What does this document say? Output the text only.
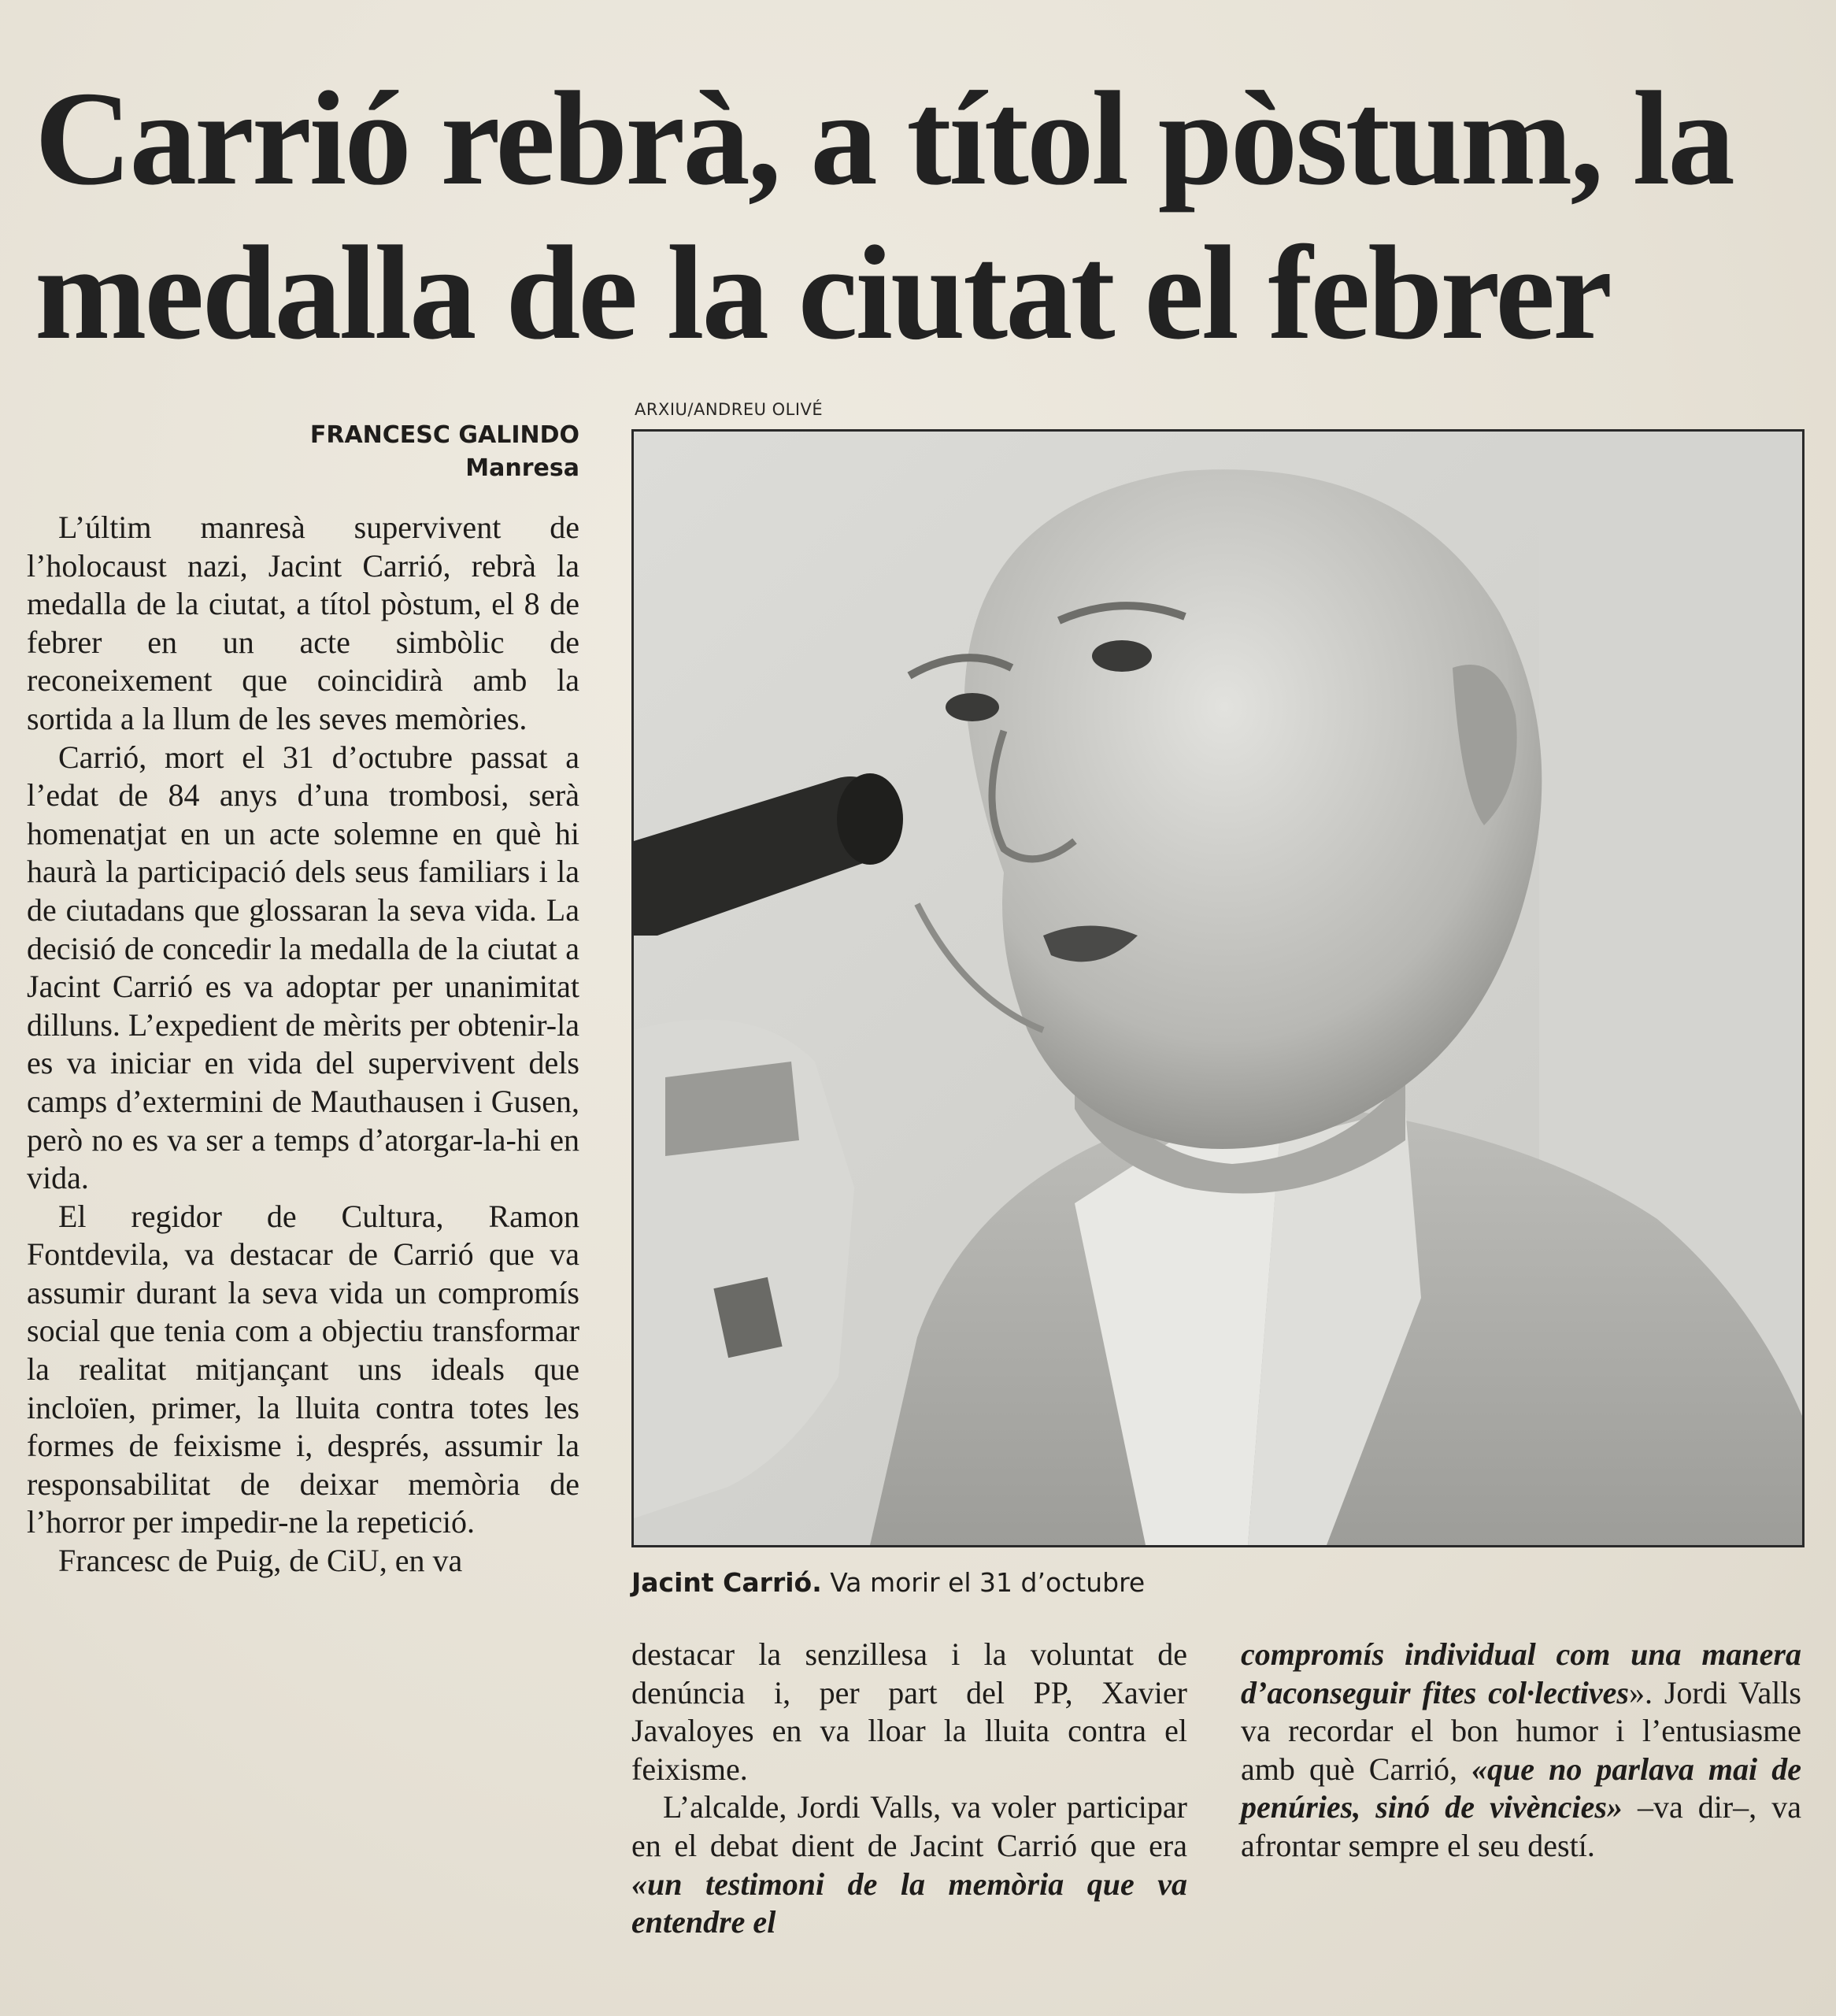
Carrió rebrà, a títol pòstum, la

medalla de la ciutat el febrer
FRANCESC GALINDO
Manresa
ARXIU/ANDREU OLIVÉ
Jacint Carrió. Va morir el 31 d’octubre

L’últim manresà supervivent de l’holocaust nazi, Jacint Carrió, rebrà la medalla de la ciutat, a títol pòstum, el 8 de febrer en un acte simbòlic de reconeixement que coincidirà amb la sortida a la llum de les seves memòries.

Carrió, mort el 31 d’octubre passat a l’edat de 84 anys d’una trombosi, serà homenatjat en un acte solemne en què hi haurà la participació dels seus familiars i la de ciutadans que glossaran la seva vida. La decisió de concedir la medalla de la ciutat a Jacint Carrió es va adoptar per unanimitat dilluns. L’expedient de mèrits per obtenir-la es va iniciar en vida del supervivent dels camps d’extermini de Mauthausen i Gusen, però no es va ser a temps d’atorgar-la-hi en vida.

El regidor de Cultura, Ramon Fontdevila, va destacar de Carrió que va assumir durant la seva vida un compromís social que tenia com a objectiu transformar la realitat mitjançant uns ideals que incloïen, primer, la lluita contra totes les formes de feixisme i, després, assumir la responsabilitat de deixar memòria de l’horror per impedir-ne la repetició.

Francesc de Puig, de CiU, en va

destacar la senzillesa i la voluntat de denúncia i, per part del PP, Xavier Javaloyes en va lloar la lluita contra el feixisme.

L’alcalde, Jordi Valls, va voler participar en el debat dient de Jacint Carrió que era «un testimoni de la memòria que va entendre el

compromís individual com una manera d’aconseguir fites col·lectives». Jordi Valls va recordar el bon humor i l’entusiasme amb què Carrió, «que no parlava mai de penúries, sinó de vivències» –va dir–, va afrontar sempre el seu destí.
